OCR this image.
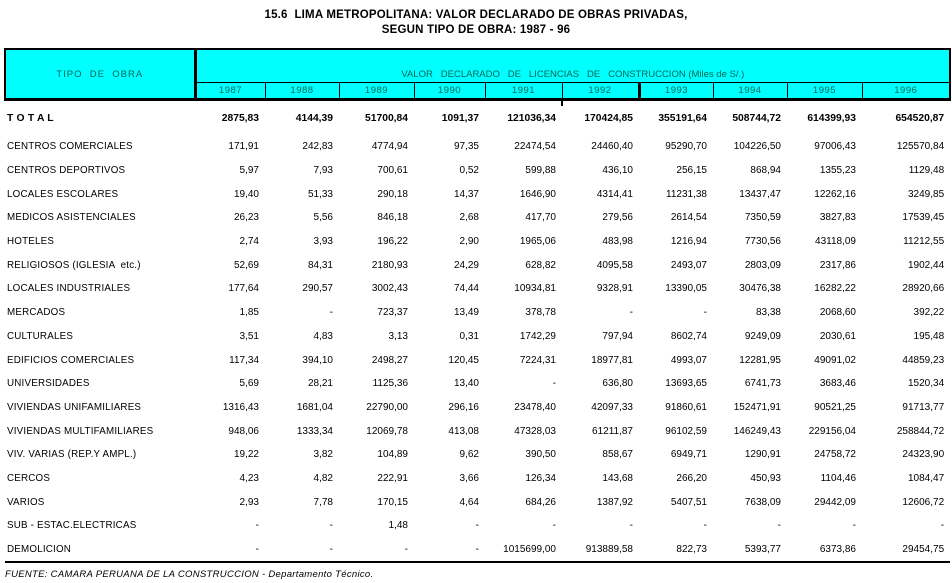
15.6  LIMA METROPOLITANA: VALOR DECLARADO DE OBRAS PRIVADAS,
SEGUN TIPO DE OBRA: 1987 - 96
TIPO  DE  OBRA	VALOR   DECLARADO   DE   LICENCIAS   DE   CONSTRUCCION (Miles de S/.)									
	1987	1988	1989	1990	1991	1992	1993	1994	1995	1996
T O T A L	2875,83	4144,39	51700,84	1091,37	121036,34	170424,85	355191,64	508744,72	614399,93	654520,87
CENTROS COMERCIALES	171,91	242,83	4774,94	97,35	22474,54	24460,40	95290,70	104226,50	97006,43	125570,84
CENTROS DEPORTIVOS	5,97	7,93	700,61	0,52	599,88	436,10	256,15	868,94	1355,23	1129,48
LOCALES ESCOLARES	19,40	51,33	290,18	14,37	1646,90	4314,41	11231,38	13437,47	12262,16	3249,85
MEDICOS ASISTENCIALES	26,23	5,56	846,18	2,68	417,70	279,56	2614,54	7350,59	3827,83	17539,45
HOTELES	2,74	3,93	196,22	2,90	1965,06	483,98	1216,94	7730,56	43118,09	11212,55
RELIGIOSOS (IGLESIA  etc.)	52,69	84,31	2180,93	24,29	628,82	4095,58	2493,07	2803,09	2317,86	1902,44
LOCALES INDUSTRIALES	177,64	290,57	3002,43	74,44	10934,81	9328,91	13390,05	30476,38	16282,22	28920,66
MERCADOS	1,85	-	723,37	13,49	378,78	-	-	83,38	2068,60	392,22
CULTURALES	3,51	4,83	3,13	0,31	1742,29	797,94	8602,74	9249,09	2030,61	195,48
EDIFICIOS COMERCIALES	117,34	394,10	2498,27	120,45	7224,31	18977,81	4993,07	12281,95	49091,02	44859,23
UNIVERSIDADES	5,69	28,21	1125,36	13,40	-	636,80	13693,65	6741,73	3683,46	1520,34
VIVIENDAS UNIFAMILIARES	1316,43	1681,04	22790,00	296,16	23478,40	42097,33	91860,61	152471,91	90521,25	91713,77
VIVIENDAS MULTIFAMILIARES	948,06	1333,34	12069,78	413,08	47328,03	61211,87	96102,59	146249,43	229156,04	258844,72
VIV. VARIAS (REP.Y AMPL.)	19,22	3,82	104,89	9,62	390,50	858,67	6949,71	1290,91	24758,72	24323,90
CERCOS	4,23	4,82	222,91	3,66	126,34	143,68	266,20	450,93	1104,46	1084,47
VARIOS	2,93	7,78	170,15	4,64	684,26	1387,92	5407,51	7638,09	29442,09	12606,72
SUB - ESTAC.ELECTRICAS	-	-	1,48	-	-	-	-	-	-	-
DEMOLICION	-	-	-	-	1015699,00	913889,58	822,73	5393,77	6373,86	29454,75
FUENTE: CAMARA PERUANA DE LA CONSTRUCCION - Departamento Técnico.
